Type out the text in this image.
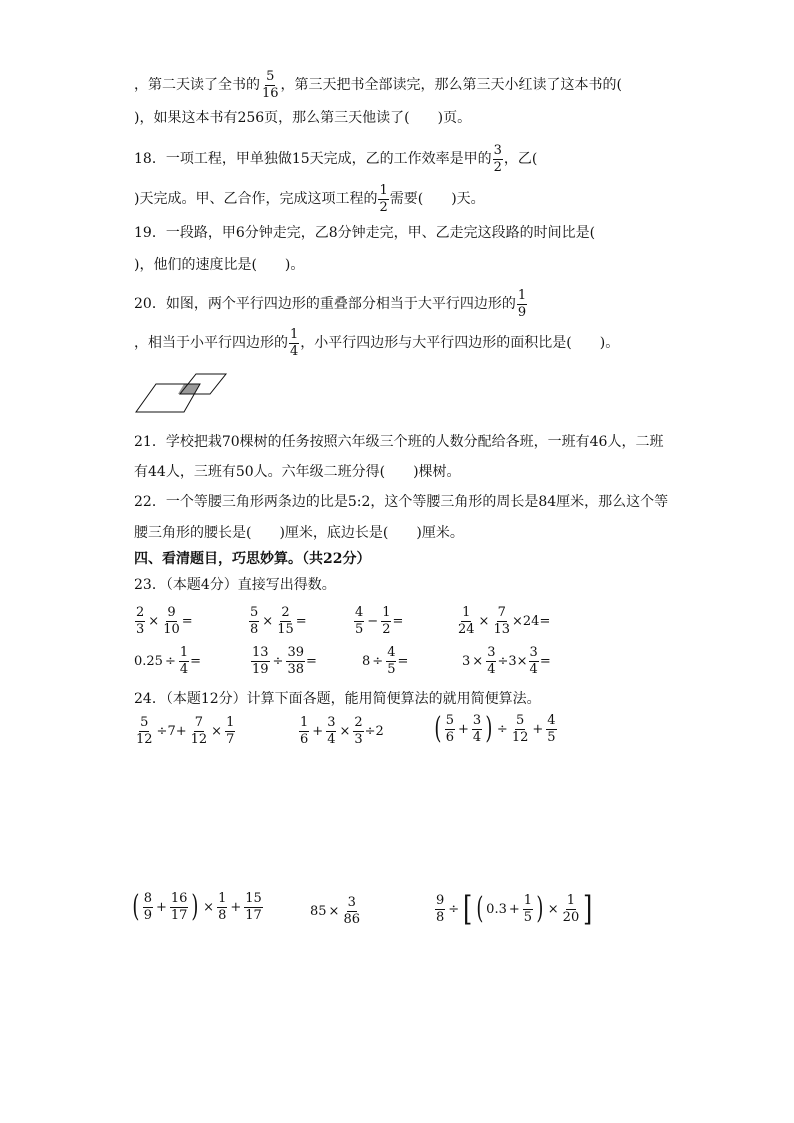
，第二天读了全书的 $\frac{5}{16}$ ，第三天把书全部读完，那么第三天小红读了这本书的(
)，如果这本书有256页，那么第三天他读了(　　)页。
18．一项工程，甲单独做15天完成，乙的工作效率是甲的 $\frac{3}{2}$ ，乙(
)天完成。甲、乙合作，完成这项工程的 $\frac{1}{2}$ 需要(　　)天。
19．一段路，甲6分钟走完，乙8分钟走完，甲、乙走完这段路的时间比是(
)，他们的速度比是(　　)。
20．如图，两个平行四边形的重叠部分相当于大平行四边形的 $\frac{1}{9}$
，相当于小平行四边形的 $\frac{1}{4}$ ，小平行四边形与大平行四边形的面积比是(　　)。
21．学校把栽70棵树的任务按照六年级三个班的人数分配给各班，一班有46人，二班
有44人，三班有50人。六年级二班分得(　　)棵树。
22．一个等腰三角形两条边的比是5:2，这个等腰三角形的周长是84厘米，那么这个等
腰三角形的腰长是(　　)厘米，底边长是(　　)厘米。
四、看清题目，巧思妙算。（共22分）
23．（本题4分）直接写出得数。
$\frac{2}{3} \times \frac{9}{10}$ =	$\frac{5}{8} \times \frac{2}{15}$ =	$\frac{4}{5} - \frac{1}{2}$ =	$\frac{1}{24} \times \frac{7}{13} \times 24$ =
$0.25 \div \frac{1}{4}$ =	$\frac{13}{19} \div \frac{39}{38}$ =	$8 \div \frac{4}{5}$ =	$3 \times \frac{3}{4} \div 3\times \frac{3}{4}$ =
24．（本题12分）计算下面各题，能用简便算法的就用简便算法。
$\frac{5}{12} \div 7+ \frac{7}{12} \times \frac{1}{7}$	$\frac{1}{6} + \frac{3}{4} \times \frac{2}{3} \div 2$ ( $\frac{5}{6} + \frac{3}{4}$ ) ÷ $\frac{5}{12} + \frac{4}{5}$
( $\frac{8}{9} + \frac{16}{17}$ ) × $\frac{1}{8} + \frac{15}{17}$	$85 \times \frac{3}{86}$	$\frac{9}{8}$ ÷ [ ( $0.3 + \frac{1}{5}$ ) × $\frac{1}{20}$ ]
